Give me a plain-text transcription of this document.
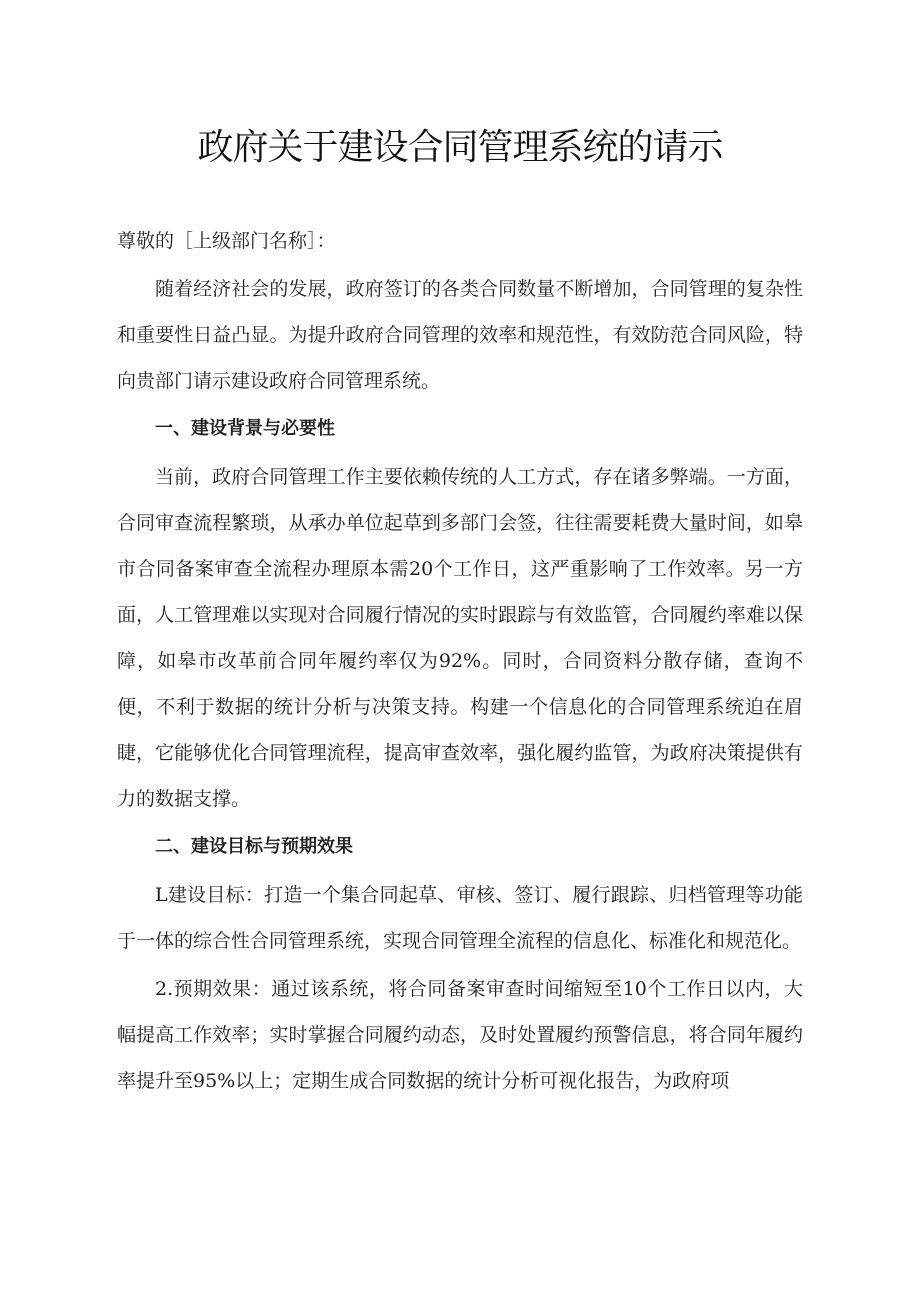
政府关于建设合同管理系统的请示

尊敬的［上级部门名称］：

随着经济社会的发展，政府签订的各类合同数量不断增加，合同管理的复杂性和重要性日益凸显。为提升政府合同管理的效率和规范性，有效防范合同风险，特向贵部门请示建设政府合同管理系统。

一、建设背景与必要性

当前，政府合同管理工作主要依赖传统的人工方式，存在诸多弊端。一方面，合同审查流程繁琐，从承办单位起草到多部门会签，往往需要耗费大量时间，如皋市合同备案审查全流程办理原本需20个工作日，这严重影响了工作效率。另一方面，人工管理难以实现对合同履行情况的实时跟踪与有效监管，合同履约率难以保障，如皋市改革前合同年履约率仅为92%。同时，合同资料分散存储，查询不便，不利于数据的统计分析与决策支持。构建一个信息化的合同管理系统迫在眉睫，它能够优化合同管理流程，提高审查效率，强化履约监管，为政府决策提供有力的数据支撑。

二、建设目标与预期效果

L建设目标：打造一个集合同起草、审核、签订、履行跟踪、归档管理等功能于一体的综合性合同管理系统，实现合同管理全流程的信息化、标准化和规范化。

2.预期效果：通过该系统，将合同备案审查时间缩短至10个工作日以内，大幅提高工作效率；实时掌握合同履约动态，及时处置履约预警信息，将合同年履约率提升至95%以上；定期生成合同数据的统计分析可视化报告，为政府项
